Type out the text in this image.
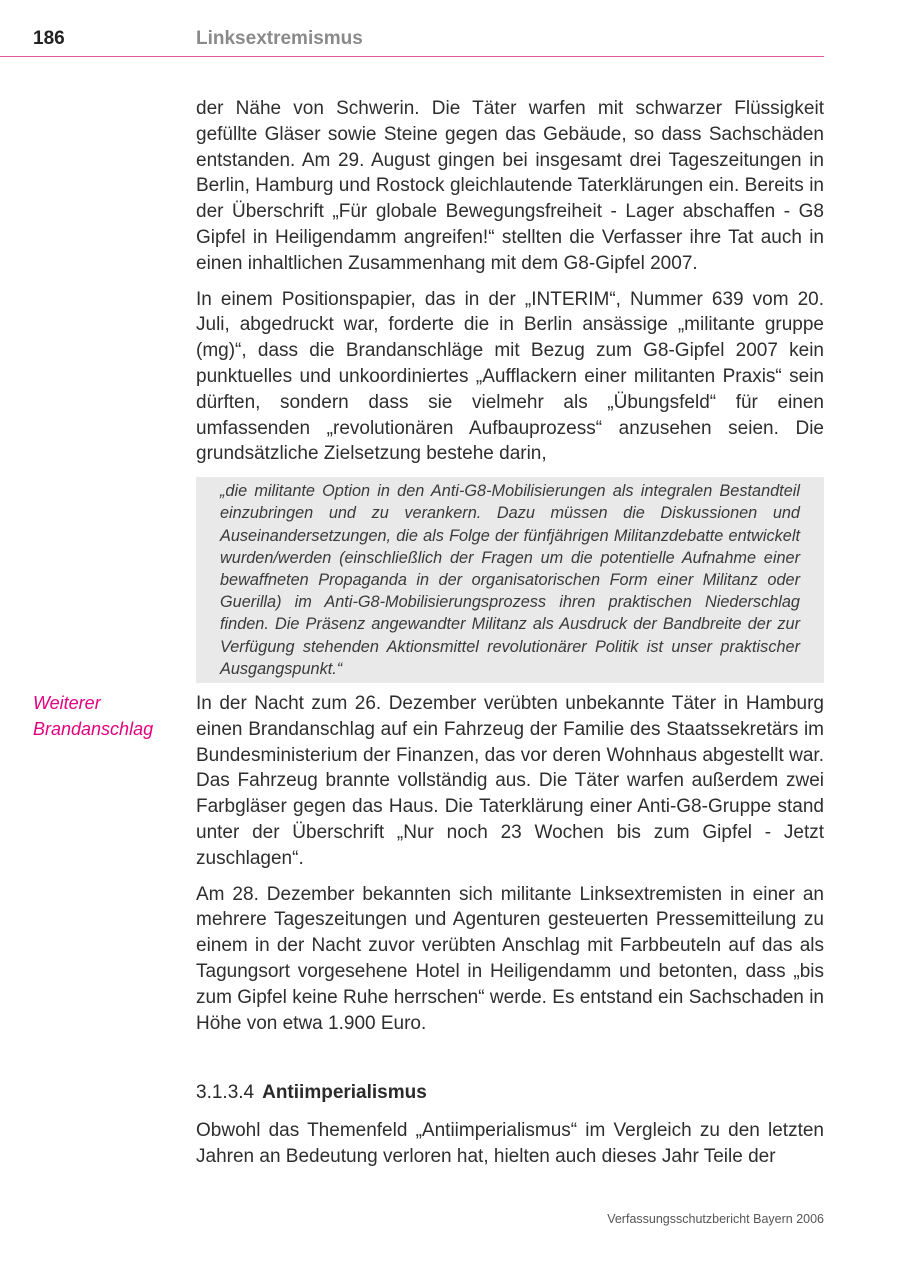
186	Linksextremismus

der Nähe von Schwerin. Die Täter warfen mit schwarzer Flüssigkeit gefüllte Gläser sowie Steine gegen das Gebäude, so dass Sachschäden entstanden. Am 29. August gingen bei insgesamt drei Tageszeitungen in Berlin, Hamburg und Rostock gleichlautende Taterklärungen ein. Bereits in der Überschrift „Für globale Bewegungsfreiheit - Lager abschaffen - G8 Gipfel in Heiligendamm angreifen!“ stellten die Verfasser ihre Tat auch in einen inhaltlichen Zusammenhang mit dem G8-Gipfel 2007.

In einem Positionspapier, das in der „INTERIM“, Nummer 639 vom 20. Juli, abgedruckt war, forderte die in Berlin ansässige „militante gruppe (mg)“, dass die Brandanschläge mit Bezug zum G8-Gipfel 2007 kein punktuelles und unkoordiniertes „Aufflackern einer militanten Praxis“ sein dürften, sondern dass sie vielmehr als „Übungsfeld“ für einen umfassenden „revolutionären Aufbauprozess“ anzusehen seien. Die grundsätzliche Zielsetzung bestehe darin,

„die militante Option in den Anti-G8-Mobilisierungen als integralen Bestandteil einzubringen und zu verankern. Dazu müssen die Diskussionen und Auseinandersetzungen, die als Folge der fünfjährigen Militanzdebatte entwickelt wurden/werden (einschließlich der Fragen um die potentielle Aufnahme einer bewaffneten Propaganda in der organisatorischen Form einer Militanz oder Guerilla) im Anti-G8-Mobilisierungsprozess ihren praktischen Niederschlag finden. Die Präsenz angewandter Militanz als Ausdruck der Bandbreite der zur Verfügung stehenden Aktionsmittel revolutionärer Politik ist unser praktischer Ausgangspunkt.“
Weiterer Brandanschlag

In der Nacht zum 26. Dezember verübten unbekannte Täter in Hamburg einen Brandanschlag auf ein Fahrzeug der Familie des Staatssekretärs im Bundesministerium der Finanzen, das vor deren Wohnhaus abgestellt war. Das Fahrzeug brannte vollständig aus. Die Täter warfen außerdem zwei Farbgläser gegen das Haus. Die Taterklärung einer Anti-G8-Gruppe stand unter der Überschrift „Nur noch 23 Wochen bis zum Gipfel - Jetzt zuschlagen“.

Am 28. Dezember bekannten sich militante Linksextremisten in einer an mehrere Tageszeitungen und Agenturen gesteuerten Pressemitteilung zu einem in der Nacht zuvor verübten Anschlag mit Farbbeuteln auf das als Tagungsort vorgesehene Hotel in Heiligendamm und betonten, dass „bis zum Gipfel keine Ruhe herrschen“ werde. Es entstand ein Sachschaden in Höhe von etwa 1.900 Euro.

3.1.3.4 Antiimperialismus

Obwohl das Themenfeld „Antiimperialismus“ im Vergleich zu den letzten Jahren an Bedeutung verloren hat, hielten auch dieses Jahr Teile der

Verfassungsschutzbericht Bayern 2006
